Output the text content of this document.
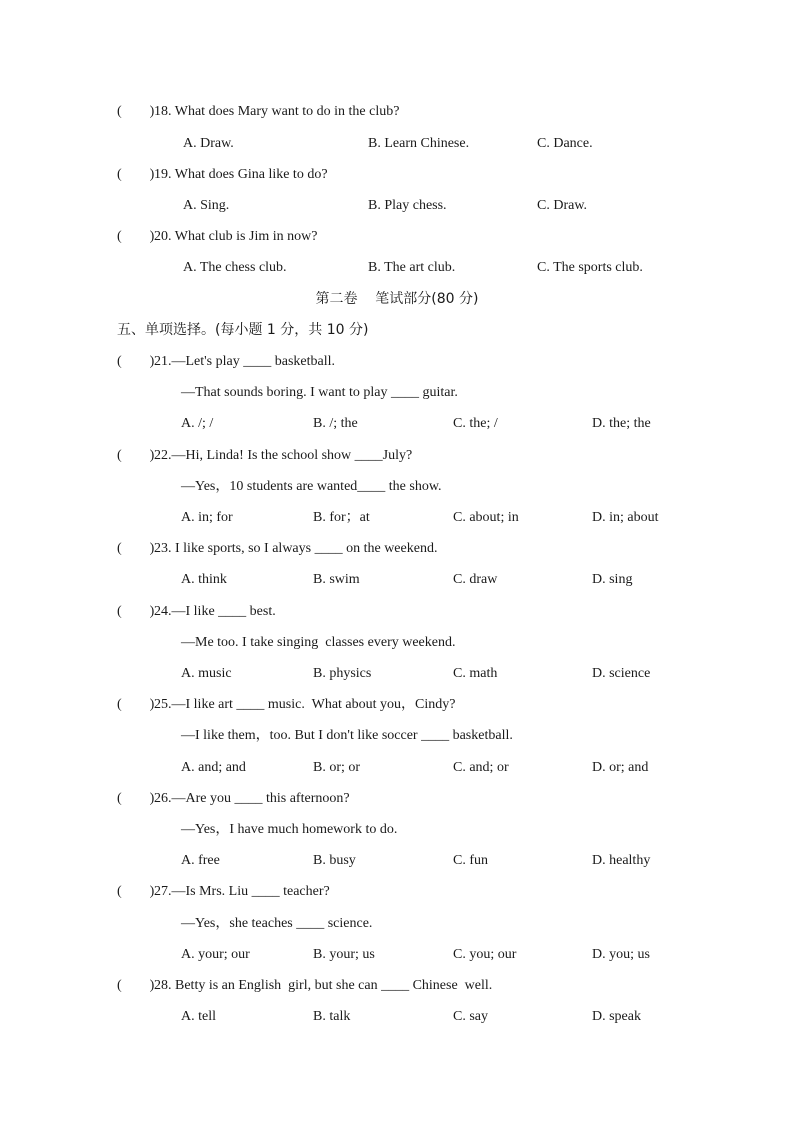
(        ) 18. What does Mary want to do in the club?
A. Draw.	B. Learn Chinese.	C. Dance.
(        ) 19. What does Gina like to do?
A. Sing.	B. Play chess.	C. Draw.
(        ) 20. What club is Jim in now?
A. The chess club.	B. The art club.	C. The sports club.
第二卷    笔试部分(80 分)
五、单项选择。(每小题 1 分，共 10 分)
(        ) 21.—Let's play ____ basketball.
—That sounds boring. I want to play ____ guitar.
A. /; /	B. /; the	C. the; /	D. the; the
(        ) 22.—Hi, Linda! Is the school show ____July?
—Yes，10 students are wanted____ the show.
A. in; for	B. for；at	C. about; in	D. in; about
(        ) 23. I like sports, so I always ____ on the weekend.
A. think	B. swim	C. draw	D. sing
(        ) 24.—I like ____ best.
—Me too. I take singing  classes every weekend.
A. music	B. physics	C. math	D. science
(        ) 25.—I like art ____ music.  What about you，Cindy?
—I like them，too. But I don't like soccer ____ basketball.
A. and; and	B. or; or	C. and; or	D. or; and
(        ) 26.—Are you ____ this afternoon?
—Yes，I have much homework to do.
A. free	B. busy	C. fun	D. healthy
(        ) 27.—Is Mrs. Liu ____ teacher?
—Yes，she teaches ____ science.
A. your; our	B. your; us	C. you; our	D. you; us
(        ) 28. Betty is an English  girl, but she can ____ Chinese  well.
A. tell	B. talk	C. say	D. speak
